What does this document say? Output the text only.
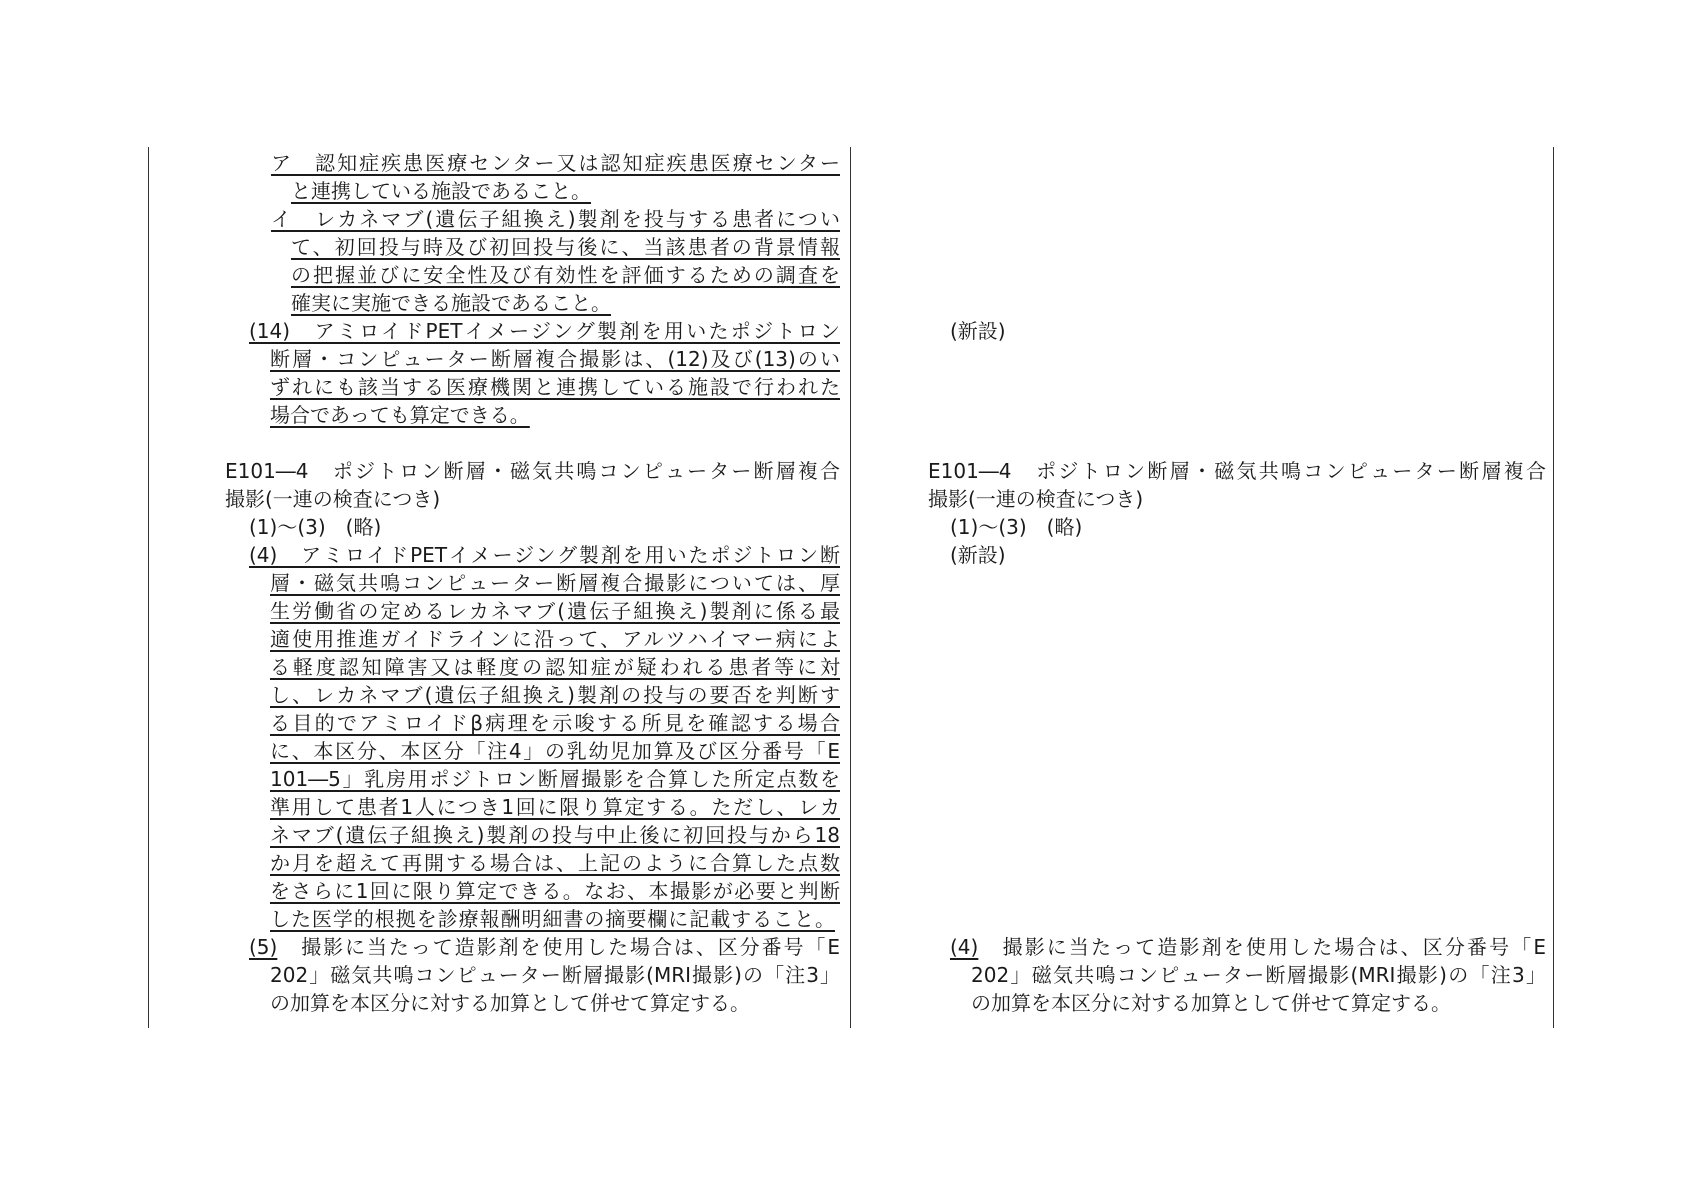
ア　認知症疾患医療センター又は認知症疾患医療センター
と連携している施設であること。
イ　レカネマブ(遺伝子組換え)製剤を投与する患者につい
て、初回投与時及び初回投与後に、当該患者の背景情報
の把握並びに安全性及び有効性を評価するための調査を
確実に実施できる施設であること。
(14)　アミロイドPETイメージング製剤を用いたポジトロン
断層・コンピューター断層複合撮影は、(12)及び(13)のい
ずれにも該当する医療機関と連携している施設で行われた
場合であっても算定できる。
E101―4　ポジトロン断層・磁気共鳴コンピューター断層複合
撮影(一連の検査につき)
(1)～(3)　(略)
(4)　アミロイドPETイメージング製剤を用いたポジトロン断
層・磁気共鳴コンピューター断層複合撮影については、厚
生労働省の定めるレカネマブ(遺伝子組換え)製剤に係る最
適使用推進ガイドラインに沿って、アルツハイマー病によ
る軽度認知障害又は軽度の認知症が疑われる患者等に対
し、レカネマブ(遺伝子組換え)製剤の投与の要否を判断す
る目的でアミロイドβ病理を示唆する所見を確認する場合
に、本区分、本区分「注4」の乳幼児加算及び区分番号「E
101―5」乳房用ポジトロン断層撮影を合算した所定点数を
準用して患者1人につき1回に限り算定する。ただし、レカ
ネマブ(遺伝子組換え)製剤の投与中止後に初回投与から18
か月を超えて再開する場合は、上記のように合算した点数
をさらに1回に限り算定できる。なお、本撮影が必要と判断
した医学的根拠を診療報酬明細書の摘要欄に記載すること。
(5)　撮影に当たって造影剤を使用した場合は、区分番号「E
202」磁気共鳴コンピューター断層撮影(MRI撮影)の「注3」
の加算を本区分に対する加算として併せて算定する。
(新設)
E101―4　ポジトロン断層・磁気共鳴コンピューター断層複合
撮影(一連の検査につき)
(1)～(3)　(略)
(新設)
(4)　撮影に当たって造影剤を使用した場合は、区分番号「E
202」磁気共鳴コンピューター断層撮影(MRI撮影)の「注3」
の加算を本区分に対する加算として併せて算定する。
